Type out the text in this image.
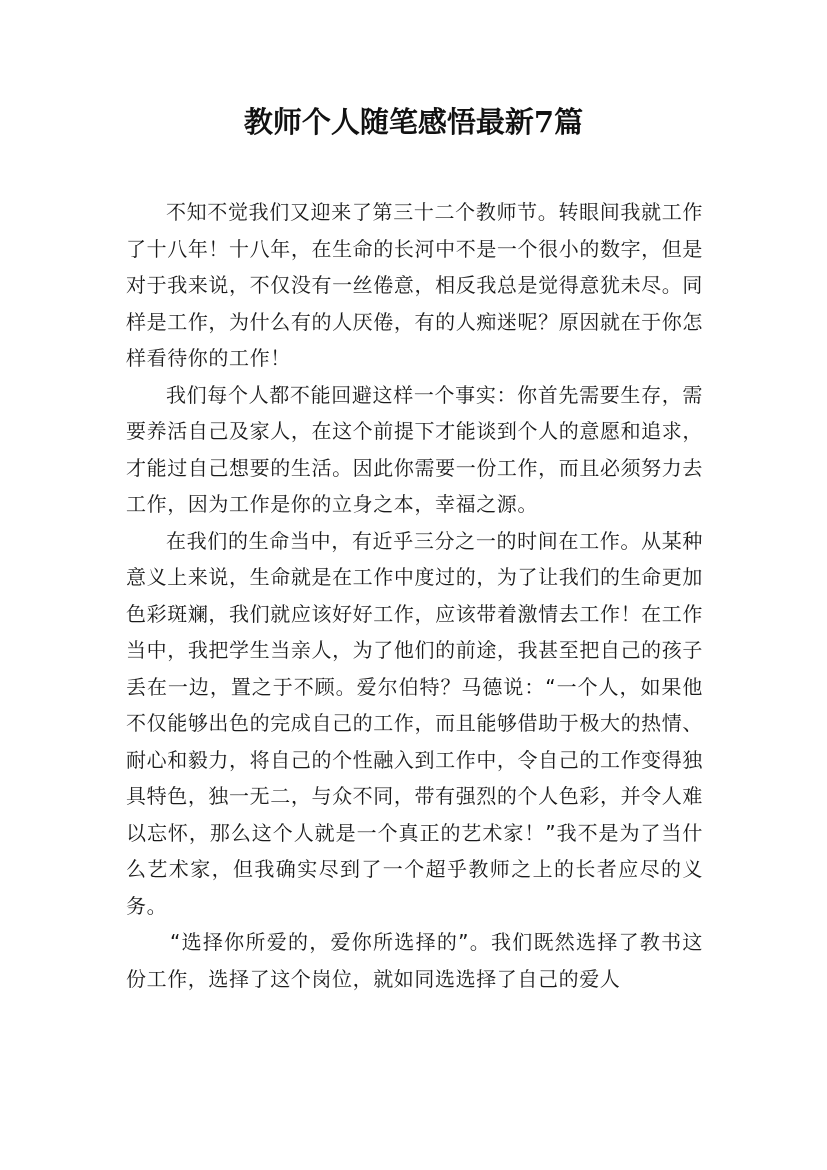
教师个人随笔感悟最新7篇

不知不觉我们又迎来了第三十二个教师节。转眼间我就工作了十八年！十八年，在生命的长河中不是一个很小的数字，但是对于我来说，不仅没有一丝倦意，相反我总是觉得意犹未尽。同样是工作，为什么有的人厌倦，有的人痴迷呢？原因就在于你怎样看待你的工作！

我们每个人都不能回避这样一个事实：你首先需要生存，需要养活自己及家人，在这个前提下才能谈到个人的意愿和追求，才能过自己想要的生活。因此你需要一份工作，而且必须努力去工作，因为工作是你的立身之本，幸福之源。

在我们的生命当中，有近乎三分之一的时间在工作。从某种意义上来说，生命就是在工作中度过的，为了让我们的生命更加色彩斑斓，我们就应该好好工作，应该带着激情去工作！在工作当中，我把学生当亲人，为了他们的前途，我甚至把自己的孩子丢在一边，置之于不顾。爱尔伯特？马德说：“一个人，如果他不仅能够出色的完成自己的工作，而且能够借助于极大的热情、耐心和毅力，将自己的个性融入到工作中，令自己的工作变得独具特色，独一无二，与众不同，带有强烈的个人色彩，并令人难以忘怀，那么这个人就是一个真正的艺术家！”我不是为了当什么艺术家，但我确实尽到了一个超乎教师之上的长者应尽的义务。

“选择你所爱的，爱你所选择的”。我们既然选择了教书这份工作，选择了这个岗位，就如同选选择了自己的爱人
